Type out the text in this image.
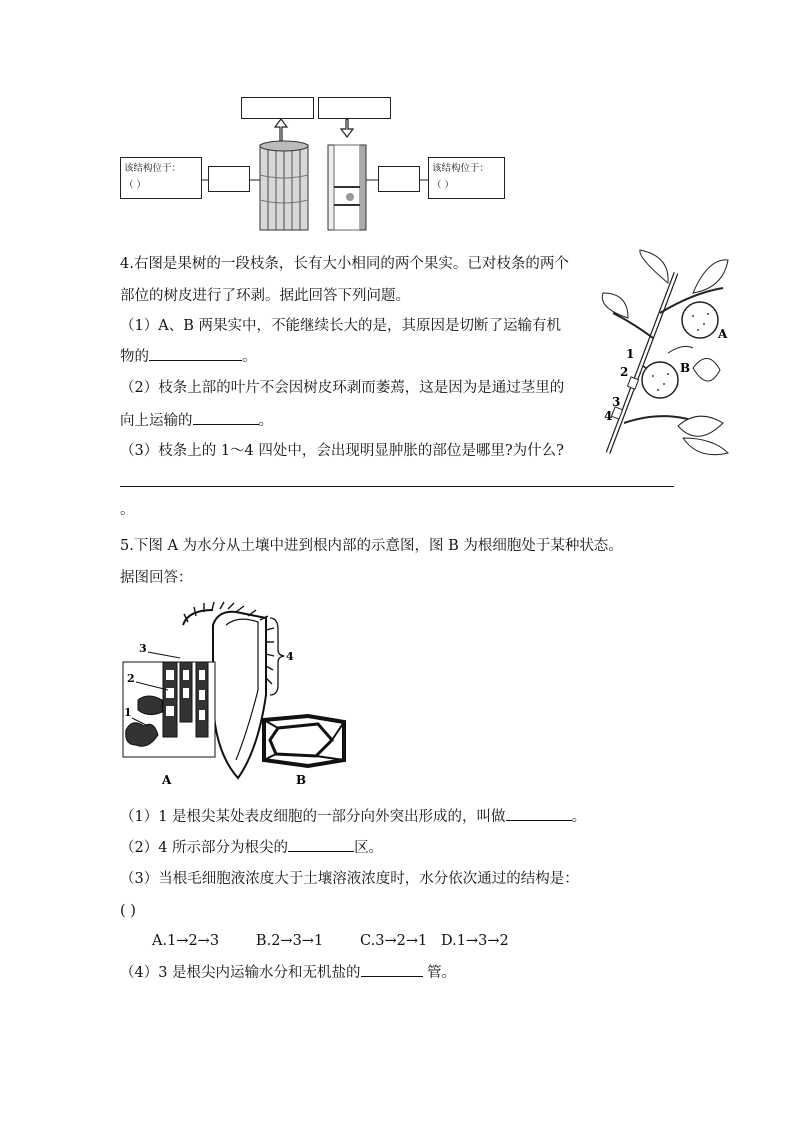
该结构位于：
（ ）
该结构位于：
（ ）
4.右图是果树的一段枝条，长有大小相同的两个果实。已对枝条的两个
部位的树皮进行了环剥。据此回答下列问题。
（1）A、B 两果实中，不能继续长大的是，其原因是切断了运输有机
物的	。
（2）枝条上部的叶片不会因树皮环剥而萎蔫，这是因为是通过茎里的
向上运输的	。
（3）枝条上的 1～4 四处中，会出现明显肿胀的部位是哪里?为什么?
。
A
B
1
2
3
4
5.下图 A 为水分从土壤中进到根内部的示意图，图 B 为根细胞处于某种状态。
据图回答：
3
2
1
4
A	B
（1）1 是根尖某处表皮细胞的一部分向外突出形成的，叫做	。
（2）4 所示部分为根尖的	区。
（3）当根毛细胞液浓度大于土壤溶液浓度时，水分依次通过的结构是：
( )
A.1→2→3        B.2→3→1        C.3→2→1   D.1→3→2
（4）3 是根尖内运输水分和无机盐的	管。
